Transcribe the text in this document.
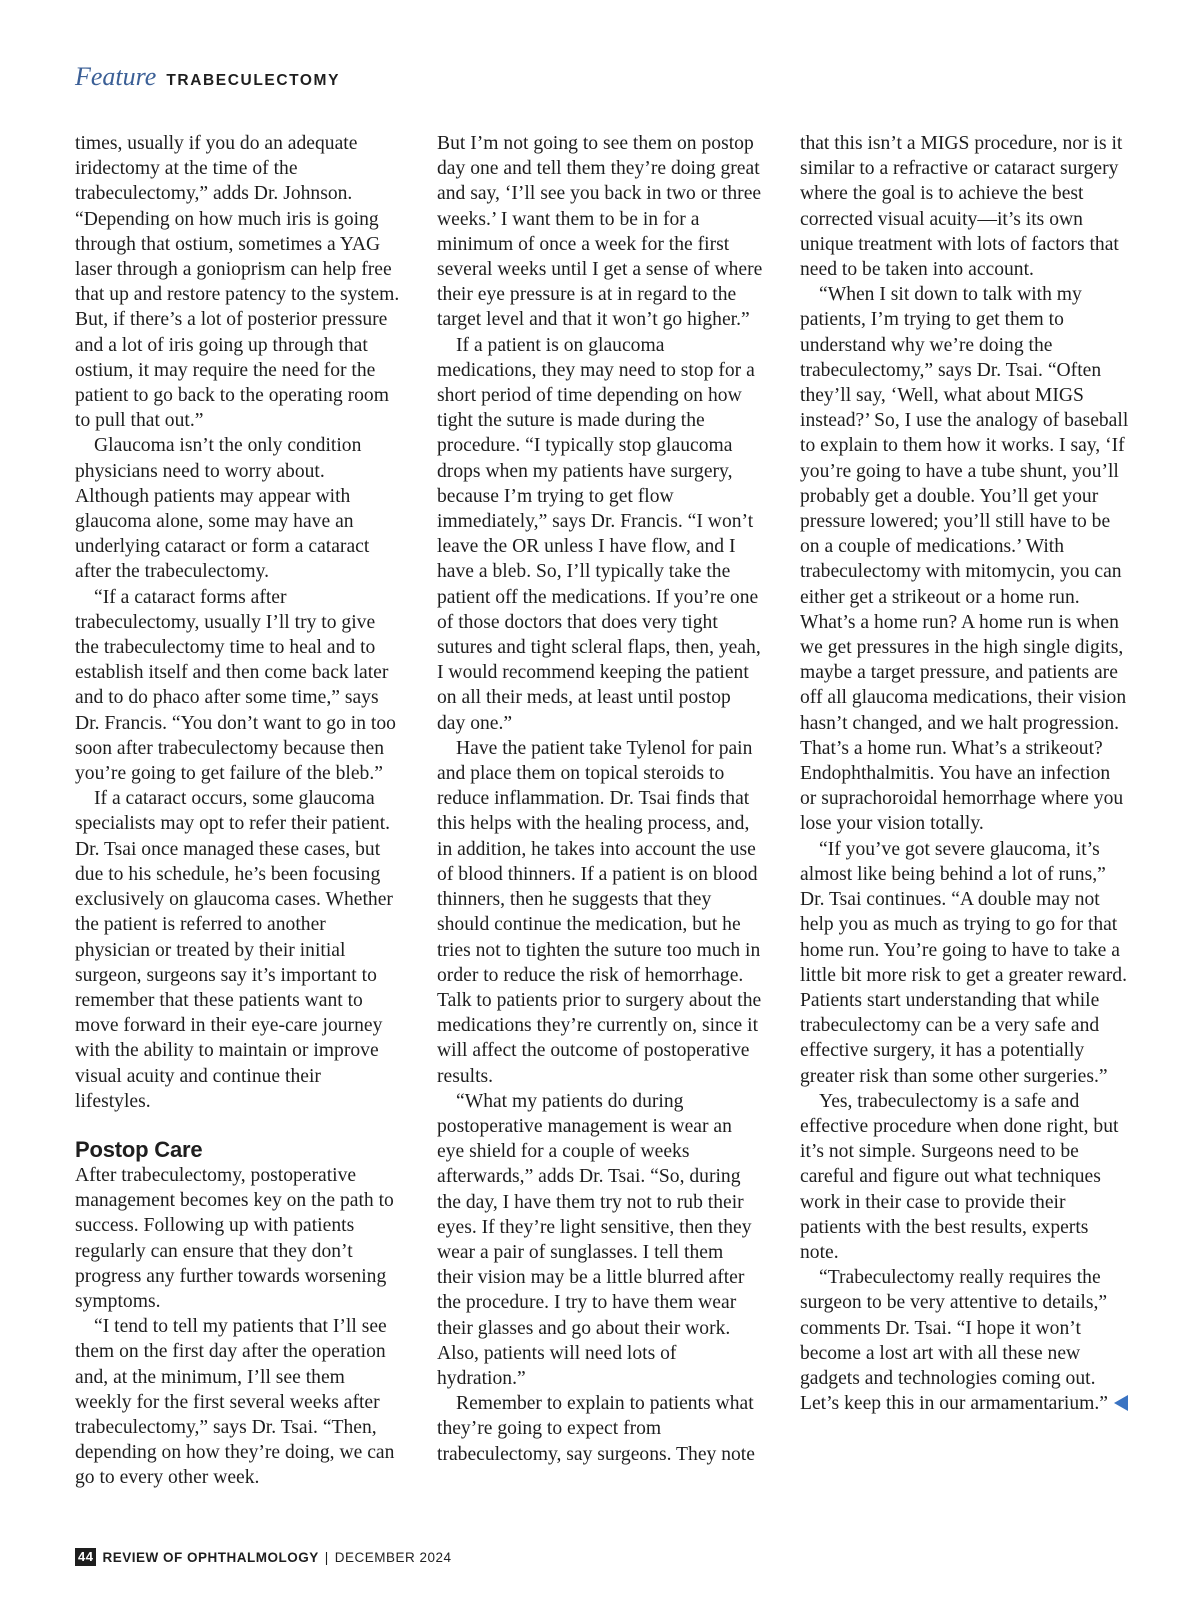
Feature TRABECULECTOMY

times, usually if you do an adequate iridectomy at the time of the trabeculectomy,” adds Dr. Johnson. “Depending on how much iris is going through that ostium, sometimes a YAG laser through a gonioprism can help free that up and restore patency to the system. But, if there’s a lot of posterior pressure and a lot of iris going up through that ostium, it may require the need for the patient to go back to the operating room to pull that out.”

Glaucoma isn’t the only condition physicians need to worry about. Although patients may appear with glaucoma alone, some may have an underlying cataract or form a cataract after the trabeculectomy.

“If a cataract forms after trabeculectomy, usually I’ll try to give the trabeculectomy time to heal and to establish itself and then come back later and to do phaco after some time,” says Dr. Francis. “You don’t want to go in too soon after trabeculectomy because then you’re going to get failure of the bleb.”

If a cataract occurs, some glaucoma specialists may opt to refer their patient. Dr. Tsai once managed these cases, but due to his schedule, he’s been focusing exclusively on glaucoma cases. Whether the patient is referred to another physician or treated by their initial surgeon, surgeons say it’s important to remember that these patients want to move forward in their eye-care journey with the ability to maintain or improve visual acuity and continue their lifestyles.

Postop Care

After trabeculectomy, postoperative management becomes key on the path to success. Following up with patients regularly can ensure that they don’t progress any further towards worsening symptoms.

“I tend to tell my patients that I’ll see them on the first day after the operation and, at the minimum, I’ll see them weekly for the first several weeks after trabeculectomy,” says Dr. Tsai. “Then, depending on how they’re doing, we can go to every other week.

But I’m not going to see them on postop day one and tell them they’re doing great and say, ‘I’ll see you back in two or three weeks.’ I want them to be in for a minimum of once a week for the first several weeks until I get a sense of where their eye pressure is at in regard to the target level and that it won’t go higher.”

If a patient is on glaucoma medications, they may need to stop for a short period of time depending on how tight the suture is made during the procedure. “I typically stop glaucoma drops when my patients have surgery, because I’m trying to get flow immediately,” says Dr. Francis. “I won’t leave the OR unless I have flow, and I have a bleb. So, I’ll typically take the patient off the medications. If you’re one of those doctors that does very tight sutures and tight scleral flaps, then, yeah, I would recommend keeping the patient on all their meds, at least until postop day one.”

Have the patient take Tylenol for pain and place them on topical steroids to reduce inflammation. Dr. Tsai finds that this helps with the healing process, and, in addition, he takes into account the use of blood thinners. If a patient is on blood thinners, then he suggests that they should continue the medication, but he tries not to tighten the suture too much in order to reduce the risk of hemorrhage. Talk to patients prior to surgery about the medications they’re currently on, since it will affect the outcome of postoperative results.

“What my patients do during postoperative management is wear an eye shield for a couple of weeks afterwards,” adds Dr. Tsai. “So, during the day, I have them try not to rub their eyes. If they’re light sensitive, then they wear a pair of sunglasses. I tell them their vision may be a little blurred after the procedure. I try to have them wear their glasses and go about their work. Also, patients will need lots of hydration.”

Remember to explain to patients what they’re going to expect from trabeculectomy, say surgeons. They note

that this isn’t a MIGS procedure, nor is it similar to a refractive or cataract surgery where the goal is to achieve the best corrected visual acuity—it’s its own unique treatment with lots of factors that need to be taken into account.

“When I sit down to talk with my patients, I’m trying to get them to understand why we’re doing the trabeculectomy,” says Dr. Tsai. “Often they’ll say, ‘Well, what about MIGS instead?’ So, I use the analogy of baseball to explain to them how it works. I say, ‘If you’re going to have a tube shunt, you’ll probably get a double. You’ll get your pressure lowered; you’ll still have to be on a couple of medications.’ With trabeculectomy with mitomycin, you can either get a strikeout or a home run. What’s a home run? A home run is when we get pressures in the high single digits, maybe a target pressure, and patients are off all glaucoma medications, their vision hasn’t changed, and we halt progression. That’s a home run. What’s a strikeout? Endophthalmitis. You have an infection or suprachoroidal hemorrhage where you lose your vision totally.

“If you’ve got severe glaucoma, it’s almost like being behind a lot of runs,” Dr. Tsai continues. “A double may not help you as much as trying to go for that home run. You’re going to have to take a little bit more risk to get a greater reward. Patients start understanding that while trabeculectomy can be a very safe and effective surgery, it has a potentially greater risk than some other surgeries.”

Yes, trabeculectomy is a safe and effective procedure when done right, but it’s not simple. Surgeons need to be careful and figure out what techniques work in their case to provide their patients with the best results, experts note.

“Trabeculectomy really requires the surgeon to be very attentive to details,” comments Dr. Tsai. “I hope it won’t become a lost art with all these new gadgets and technologies coming out. Let’s keep this in our armamentarium.”

44 REVIEW OF OPHTHALMOLOGY | DECEMBER 2024
